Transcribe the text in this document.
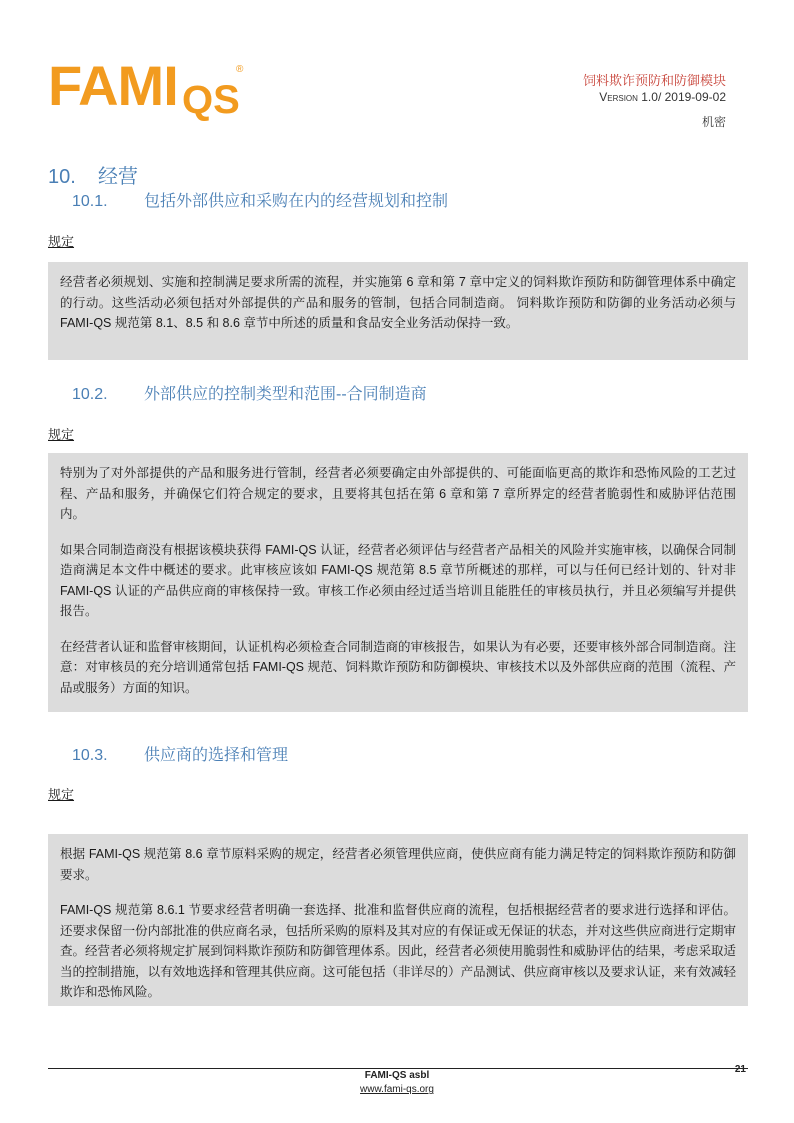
FAMI QS
®
饲料欺诈预防和防御模块
Version 1.0/ 2019-09-02
机密
10. 经营
10.1. 包括外部供应和采购在内的经营规划和控制
规定

经营者必须规划、实施和控制满足要求所需的流程，并实施第 6 章和第 7 章中定义的饲料欺诈预防和防御管理体系中确定的行动。这些活动必须包括对外部提供的产品和服务的管制，包括合同制造商。 饲料欺诈预防和防御的业务活动必须与 FAMI-QS 规范第 8.1、8.5 和 8.6 章节中所述的质量和食品安全业务活动保持一致。

10.2. 外部供应的控制类型和范围--合同制造商
规定

特别为了对外部提供的产品和服务进行管制，经营者必须要确定由外部提供的、可能面临更高的欺诈和恐怖风险的工艺过程、产品和服务，并确保它们符合规定的要求，且要将其包括在第 6 章和第 7 章所界定的经营者脆弱性和威胁评估范围内。

如果合同制造商没有根据该模块获得 FAMI-QS 认证，经营者必须评估与经营者产品相关的风险并实施审核，以确保合同制造商满足本文件中概述的要求。此审核应该如 FAMI-QS 规范第 8.5 章节所概述的那样，可以与任何已经计划的、针对非 FAMI-QS 认证的产品供应商的审核保持一致。审核工作必须由经过适当培训且能胜任的审核员执行，并且必须编写并提供报告。

在经营者认证和监督审核期间，认证机构必须检查合同制造商的审核报告，如果认为有必要，还要审核外部合同制造商。注意：对审核员的充分培训通常包括 FAMI-QS 规范、饲料欺诈预防和防御模块、审核技术以及外部供应商的范围（流程、产品或服务）方面的知识。

10.3. 供应商的选择和管理
规定

根据 FAMI-QS 规范第 8.6 章节原料采购的规定，经营者必须管理供应商，使供应商有能力满足特定的饲料欺诈预防和防御要求。

FAMI-QS 规范第 8.6.1 节要求经营者明确一套选择、批准和监督供应商的流程，包括根据经营者的要求进行选择和评估。还要求保留一份内部批准的供应商名录，包括所采购的原料及其对应的有保证或无保证的状态，并对这些供应商进行定期审查。经营者必须将规定扩展到饲料欺诈预防和防御管理体系。因此，经营者必须使用脆弱性和威胁评估的结果，考虑采取适当的控制措施，以有效地选择和管理其供应商。这可能包括（非详尽的）产品测试、供应商审核以及要求认证，来有效减轻欺诈和恐怖风险。

FAMI-QS asbl
www.fami-qs.org
21
